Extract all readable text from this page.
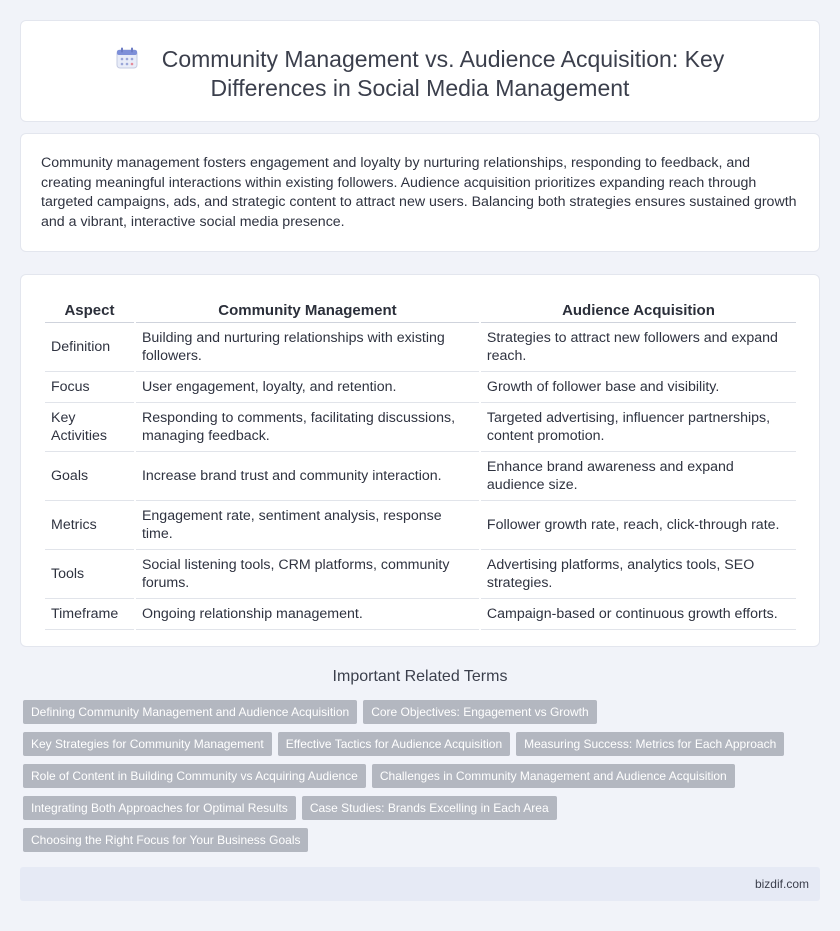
Community Management vs. Audience Acquisition: Key
Differences in Social Media Management

Community management fosters engagement and loyalty by nurturing relationships, responding to feedback, and creating meaningful interactions within existing followers. Audience acquisition prioritizes expanding reach through targeted campaigns, ads, and strategic content to attract new users. Balancing both strategies ensures sustained growth and a vibrant, interactive social media presence.

Aspect	Community Management	Audience Acquisition
Definition	Building and nurturing relationships with existing followers.	Strategies to attract new followers and expand reach.
Focus	User engagement, loyalty, and retention.	Growth of follower base and visibility.
Key Activities	Responding to comments, facilitating discussions, managing feedback.	Targeted advertising, influencer partnerships, content promotion.
Goals	Increase brand trust and community interaction.	Enhance brand awareness and expand audience size.
Metrics	Engagement rate, sentiment analysis, response time.	Follower growth rate, reach, click-through rate.
Tools	Social listening tools, CRM platforms, community forums.	Advertising platforms, analytics tools, SEO strategies.
Timeframe	Ongoing relationship management.	Campaign-based or continuous growth efforts.
Important Related Terms
Defining Community Management and Audience Acquisition Core Objectives: Engagement vs Growth
Key Strategies for Community Management Effective Tactics for Audience Acquisition Measuring Success: Metrics for Each Approach
Role of Content in Building Community vs Acquiring Audience Challenges in Community Management and Audience Acquisition
Integrating Both Approaches for Optimal Results Case Studies: Brands Excelling in Each Area
Choosing the Right Focus for Your Business Goals
bizdif.com
